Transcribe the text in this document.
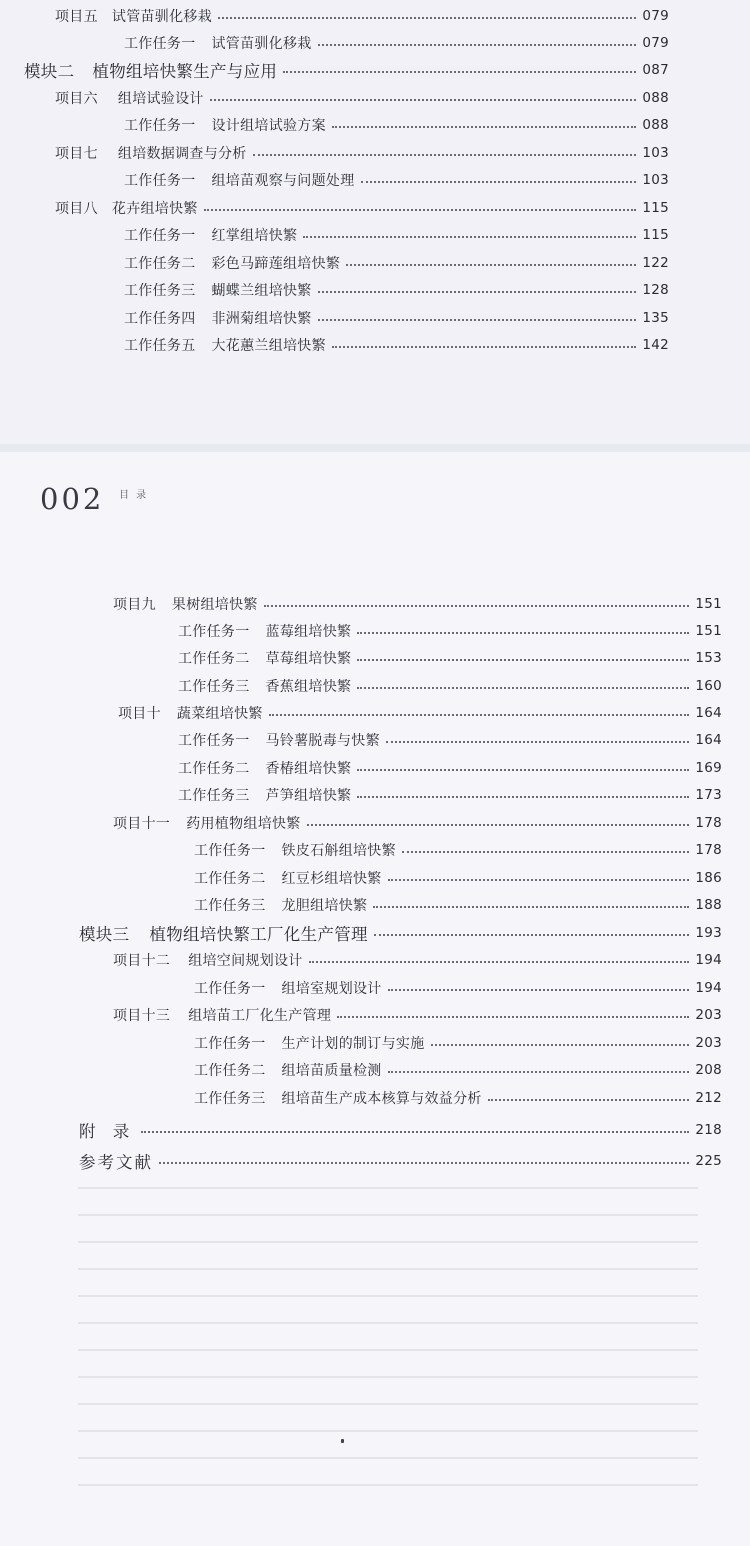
项目五 试管苗驯化移栽	079
工作任务一 试管苗驯化移栽	079
模块二 植物组培快繁生产与应用	087
项目六 组培试验设计	088
工作任务一 设计组培试验方案	088
项目七 组培数据调查与分析	103
工作任务一 组培苗观察与问题处理	103
项目八 花卉组培快繁	115
工作任务一 红掌组培快繁	115
工作任务二 彩色马蹄莲组培快繁	122
工作任务三 蝴蝶兰组培快繁	128
工作任务四 非洲菊组培快繁	135
工作任务五 大花蕙兰组培快繁	142
002 目 录
项目九 果树组培快繁	151
工作任务一 蓝莓组培快繁	151
工作任务二 草莓组培快繁	153
工作任务三 香蕉组培快繁	160
项目十 蔬菜组培快繁	164
工作任务一 马铃薯脱毒与快繁	164
工作任务二 香椿组培快繁	169
工作任务三 芦笋组培快繁	173
项目十一 药用植物组培快繁	178
工作任务一 铁皮石斛组培快繁	178
工作任务二 红豆杉组培快繁	186
工作任务三 龙胆组培快繁	188
模块三 植物组培快繁工厂化生产管理	193
项目十二 组培空间规划设计	194
工作任务一 组培室规划设计	194
项目十三 组培苗工厂化生产管理	203
工作任务一 生产计划的制订与实施	203
工作任务二 组培苗质量检测	208
工作任务三 组培苗生产成本核算与效益分析	212
附 录	218
参考文献	225
